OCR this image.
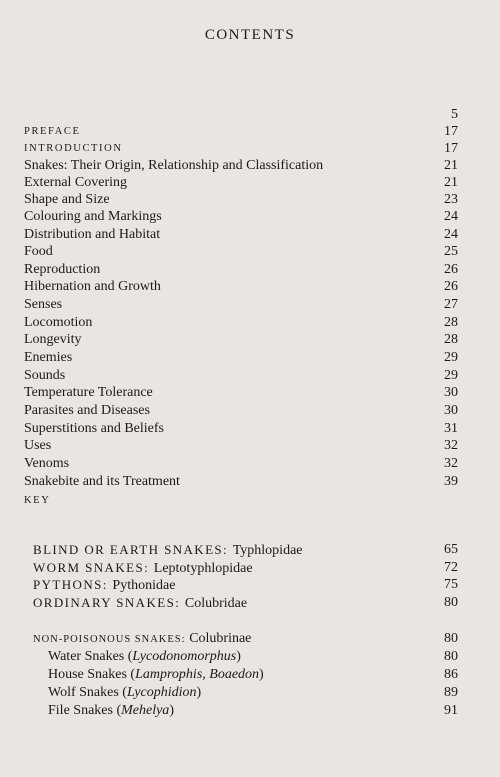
CONTENTS
5
PREFACE	17
INTRODUCTION	17
Snakes: Their Origin, Relationship and Classification	21
External Covering	21
Shape and Size	23
Colouring and Markings	24
Distribution and Habitat	24
Food	25
Reproduction	26
Hibernation and Growth	26
Senses	27
Locomotion	28
Longevity	28
Enemies	29
Sounds	29
Temperature Tolerance	30
Parasites and Diseases	30
Superstitions and Beliefs	31
Uses	32
Venoms	32
Snakebite and its Treatment	39
KEY
BLIND OR EARTH SNAKES: Typhlopidae	65
WORM SNAKES: Leptotyphlopidae	72
PYTHONS: Pythonidae	75
ORDINARY SNAKES: Colubridae	80
NON-POISONOUS SNAKES: Colubrinae	80
Water Snakes (Lycodonomorphus)	80
House Snakes (Lamprophis, Boaedon)	86
Wolf Snakes (Lycophidion)	89
File Snakes (Mehelya)	91
